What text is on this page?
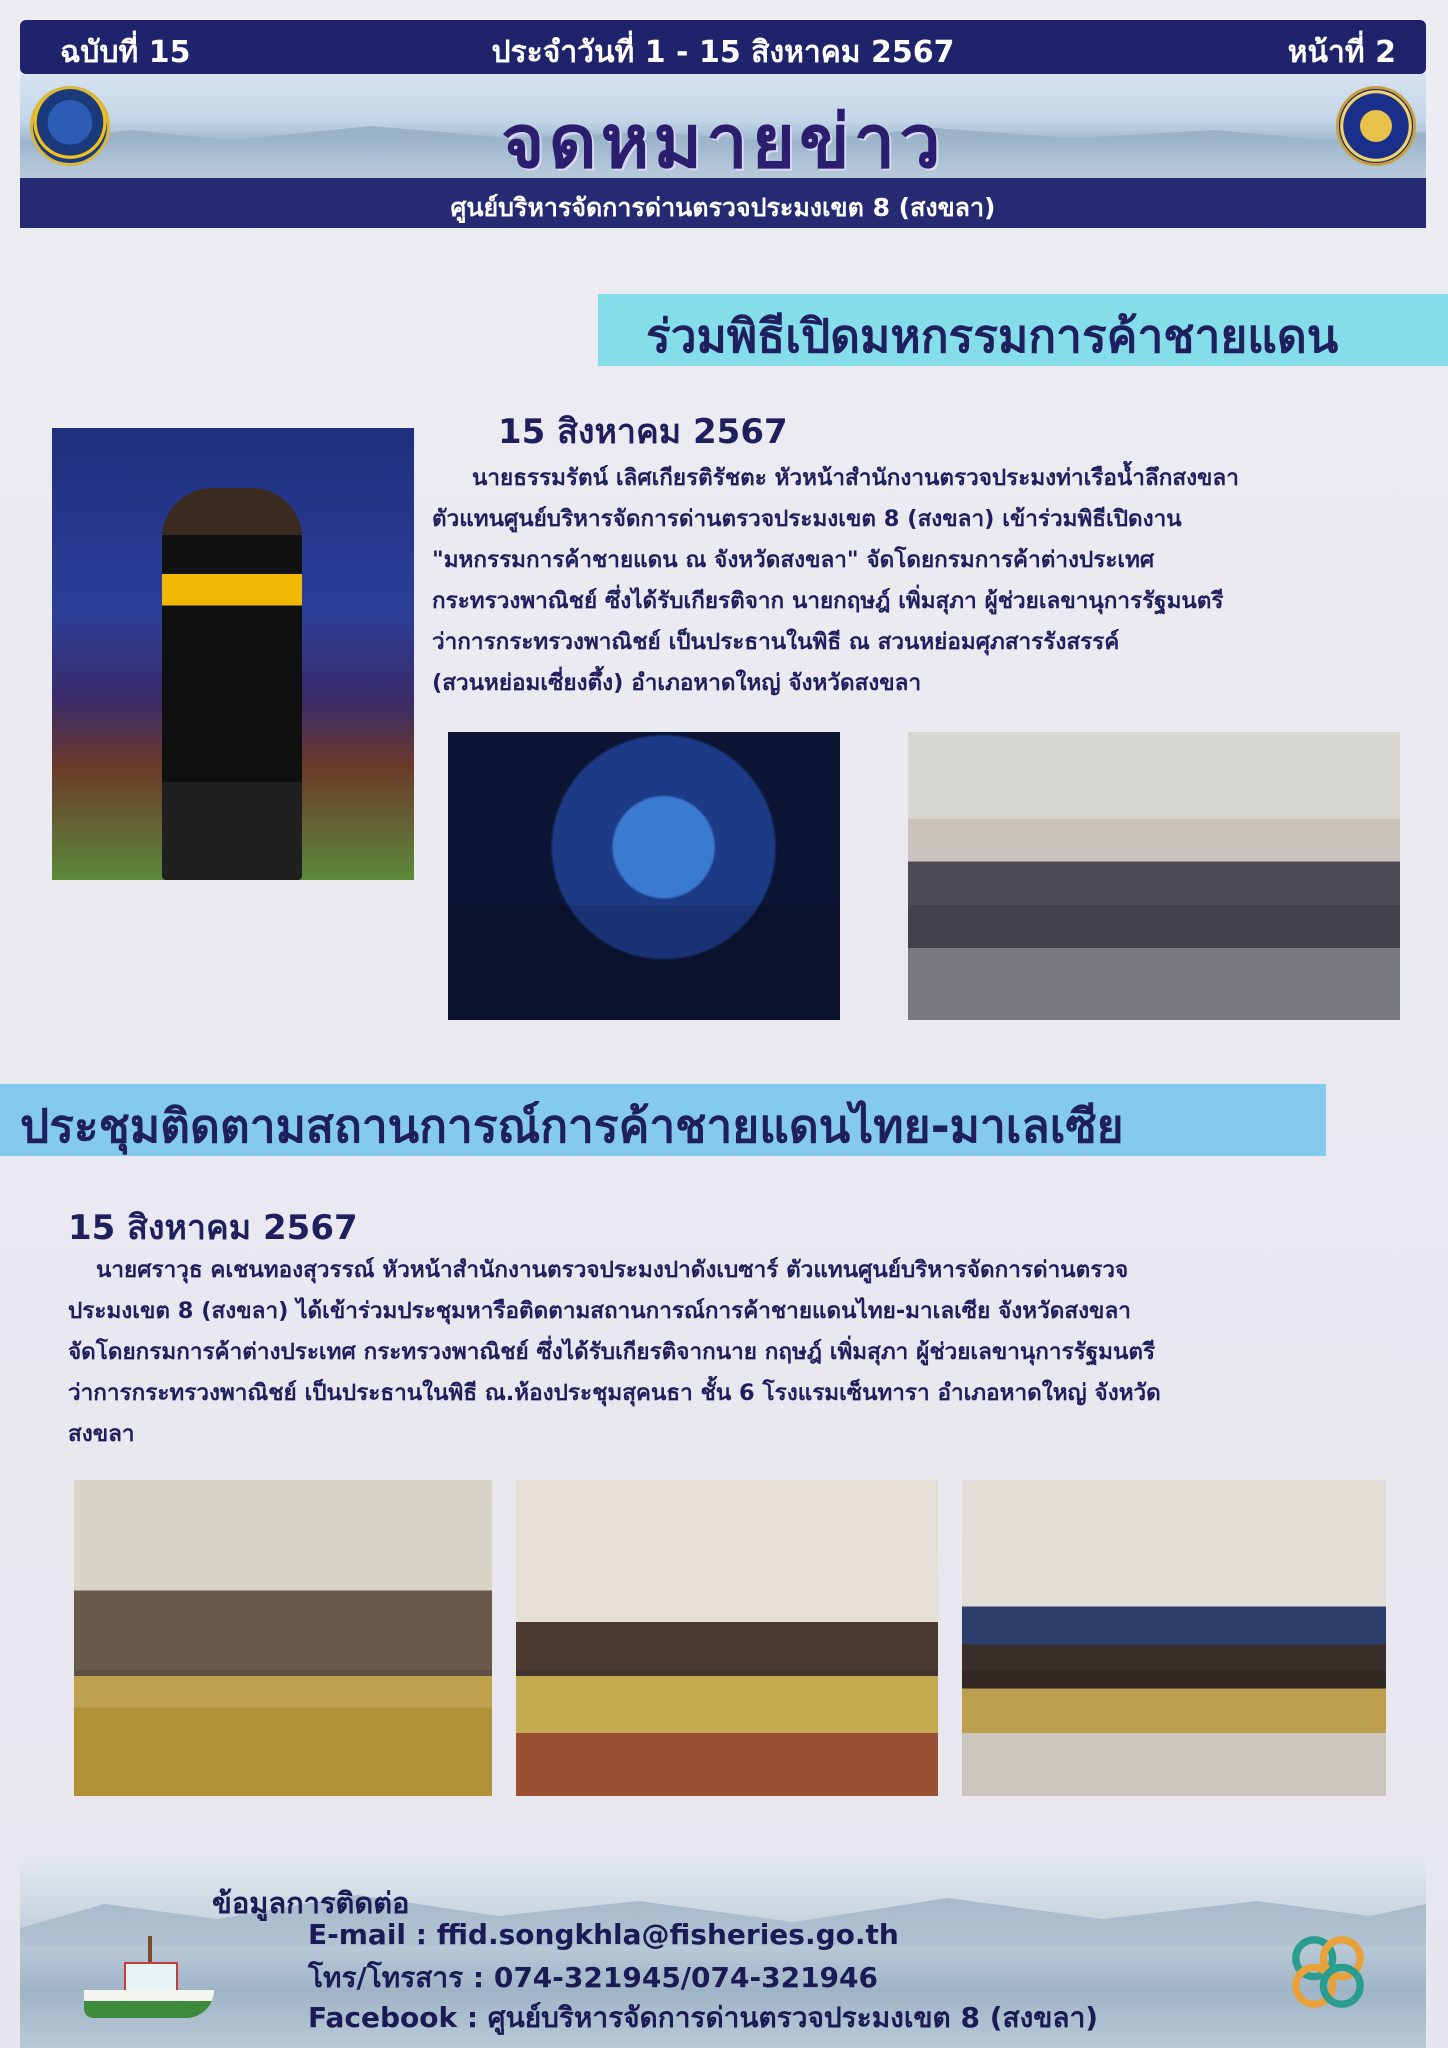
ฉบับที่ 15	ประจำวันที่ 1 - 15 สิงหาคม 2567	หน้าที่ 2
จดหมายข่าว
ศูนย์บริหารจัดการด่านตรวจประมงเขต 8 (สงขลา)
ร่วมพิธีเปิดมหกรรมการค้าชายแดน
15 สิงหาคม 2567

นายธรรมรัตน์ เลิศเกียรติรัชตะ หัวหน้าสำนักงานตรวจประมงท่าเรือน้ำลึกสงขลา

ตัวแทนศูนย์บริหารจัดการด่านตรวจประมงเขต 8 (สงขลา) เข้าร่วมพิธีเปิดงาน

"มหกรรมการค้าชายแดน ณ จังหวัดสงขลา" จัดโดยกรมการค้าต่างประเทศ

กระทรวงพาณิชย์ ซึ่งได้รับเกียรติจาก นายกฤษฎ์ เพิ่มสุภา ผู้ช่วยเลขานุการรัฐมนตรี

ว่าการกระทรวงพาณิชย์ เป็นประธานในพิธี ณ สวนหย่อมศุภสารรังสรรค์

(สวนหย่อมเซี่ยงตึ้ง) อำเภอหาดใหญ่ จังหวัดสงขลา

ประชุมติดตามสถานการณ์การค้าชายแดนไทย-มาเลเซีย
15 สิงหาคม 2567

นายศราวุธ คเชนทองสุวรรณ์ หัวหน้าสำนักงานตรวจประมงปาดังเบซาร์ ตัวแทนศูนย์บริหารจัดการด่านตรวจ

ประมงเขต 8 (สงขลา) ได้เข้าร่วมประชุมหารือติดตามสถานการณ์การค้าชายแดนไทย-มาเลเซีย จังหวัดสงขลา

จัดโดยกรมการค้าต่างประเทศ กระทรวงพาณิชย์ ซึ่งได้รับเกียรติจากนาย กฤษฎ์ เพิ่มสุภา ผู้ช่วยเลขานุการรัฐมนตรี

ว่าการกระทรวงพาณิชย์ เป็นประธานในพิธี ณ.ห้องประชุมสุคนธา ชั้น 6 โรงแรมเซ็นทารา อำเภอหาดใหญ่ จังหวัด

สงขลา

ข้อมูลการติดต่อ
E-mail : ffid.songkhla@fisheries.go.th
โทร/โทรสาร : 074-321945/074-321946
Facebook : ศูนย์บริหารจัดการด่านตรวจประมงเขต 8 (สงขลา)
